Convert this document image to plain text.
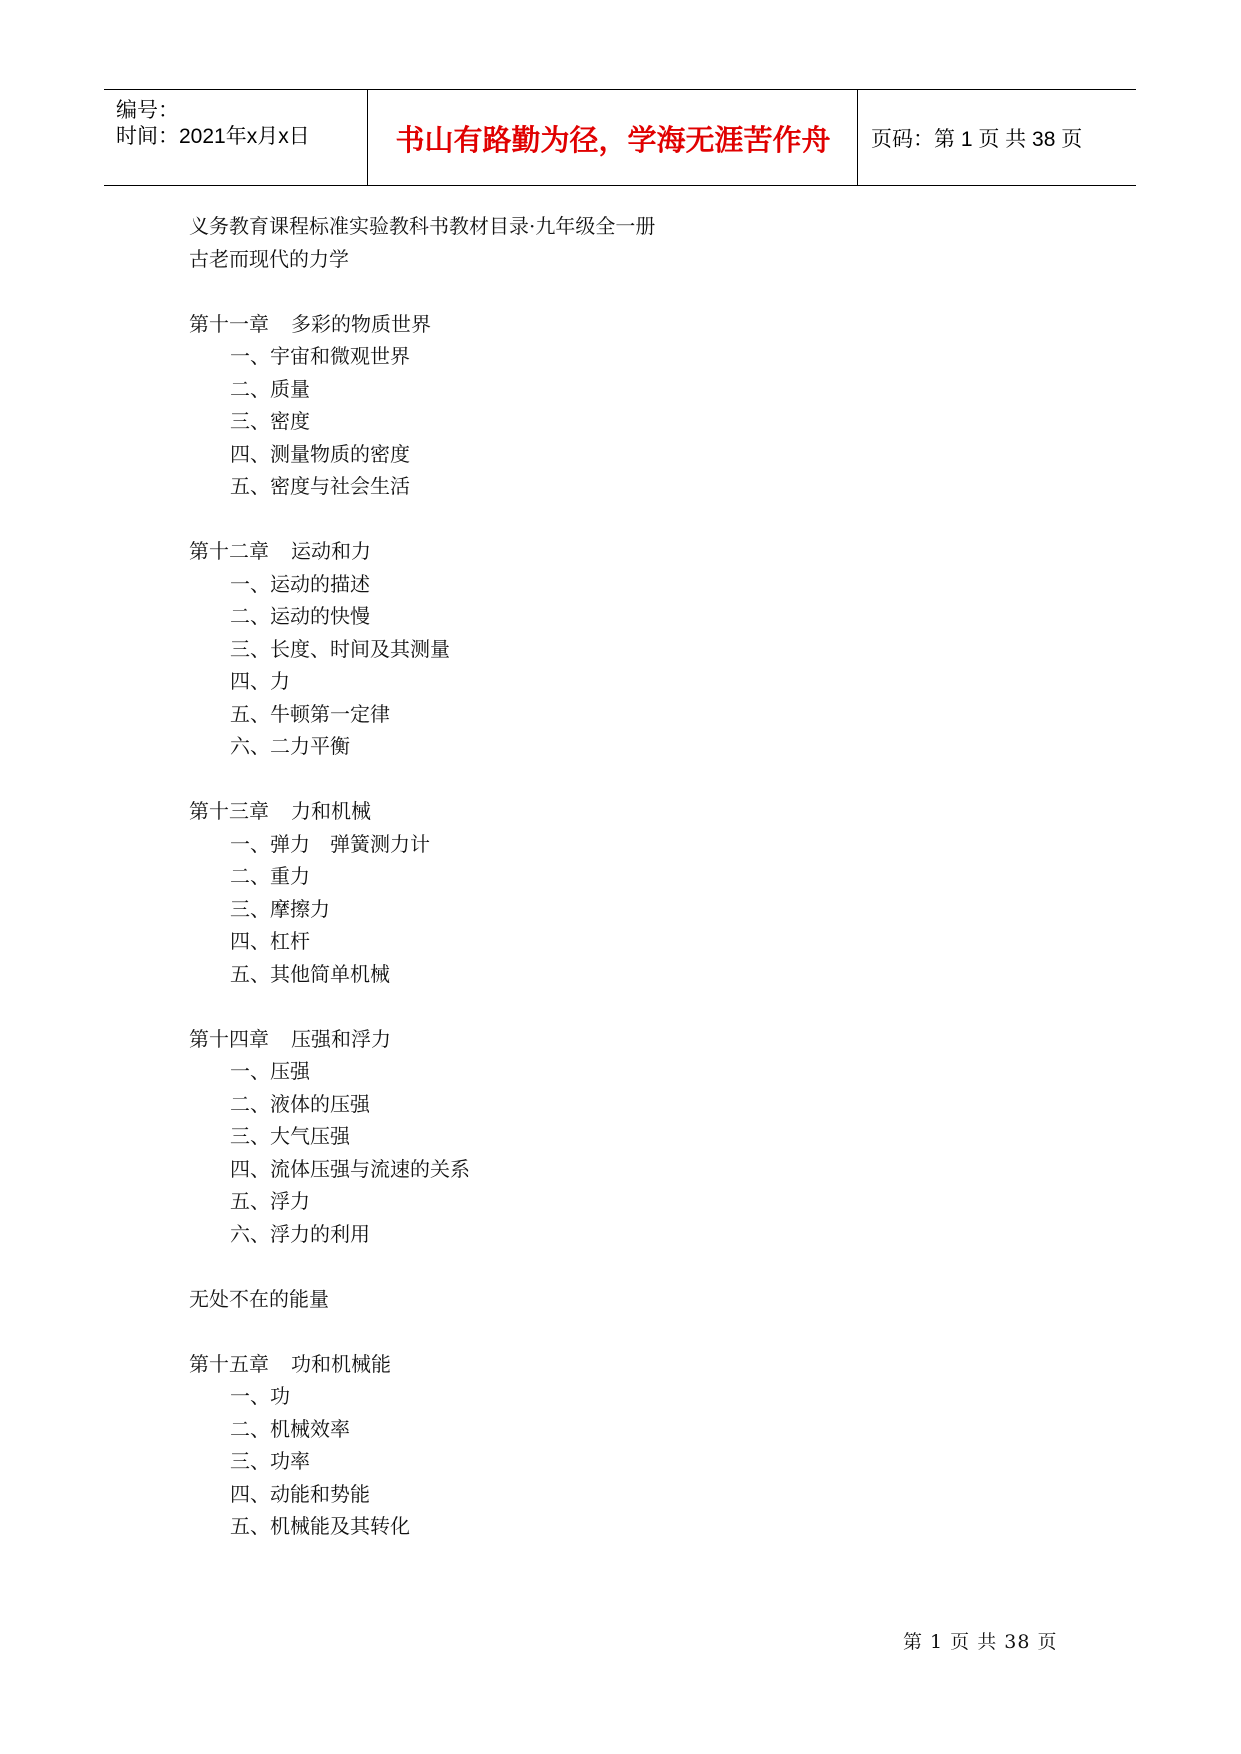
编号：
时间：2021年x月x日	书山有路勤为径，学海无涯苦作舟	页码：第 1 页 共 38 页
义务教育课程标准实验教科书教材目录·九年级全一册
古老而现代的力学
第十一章 多彩的物质世界
一、宇宙和微观世界
二、质量
三、密度
四、测量物质的密度
五、密度与社会生活
第十二章 运动和力
一、运动的描述
二、运动的快慢
三、长度、时间及其测量
四、力
五、牛顿第一定律
六、二力平衡
第十三章 力和机械
一、弹力　弹簧测力计
二、重力
三、摩擦力
四、杠杆
五、其他简单机械
第十四章 压强和浮力
一、压强
二、液体的压强
三、大气压强
四、流体压强与流速的关系
五、浮力
六、浮力的利用
无处不在的能量
第十五章 功和机械能
一、功
二、机械效率
三、功率
四、动能和势能
五、机械能及其转化
第 1 页 共 38 页
